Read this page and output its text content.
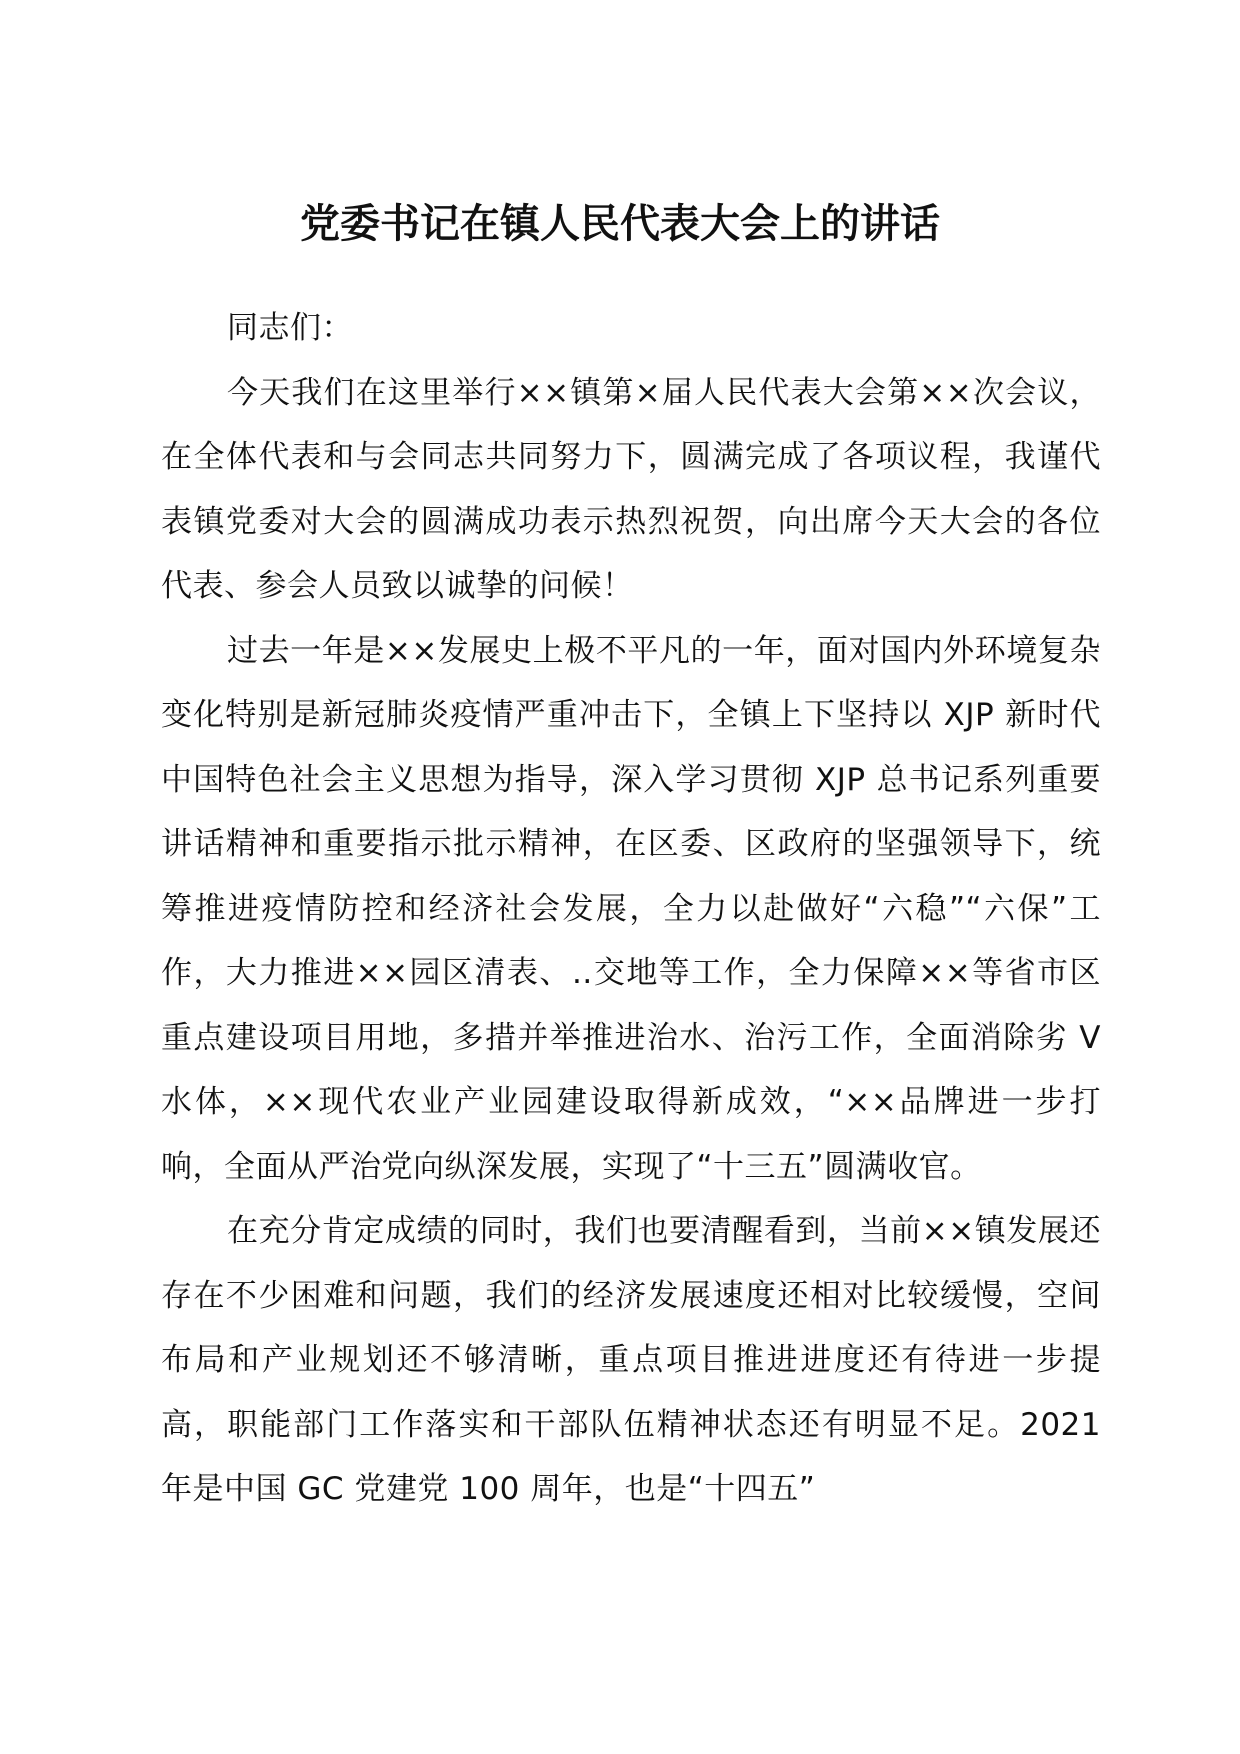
党委书记在镇人民代表大会上的讲话

同志们：

今天我们在这里举行××镇第×届人民代表大会第××次会议，在全体代表和与会同志共同努力下，圆满完成了各项议程，我谨代表镇党委对大会的圆满成功表示热烈祝贺，向出席今天大会的各位代表、参会人员致以诚挚的问候！

过去一年是××发展史上极不平凡的一年，面对国内外环境复杂变化特别是新冠肺炎疫情严重冲击下，全镇上下坚持以 XJP 新时代中国特色社会主义思想为指导，深入学习贯彻 XJP 总书记系列重要讲话精神和重要指示批示精神，在区委、区政府的坚强领导下，统筹推进疫情防控和经济社会发展，全力以赴做好“六稳”“六保”工作，大力推进××园区清表、‥交地等工作，全力保障××等省市区重点建设项目用地，多措并举推进治水、治污工作，全面消除劣 V 水体，××现代农业产业园建设取得新成效，“××品牌进一步打响，全面从严治党向纵深发展，实现了“十三五”圆满收官。

在充分肯定成绩的同时，我们也要清醒看到，当前××镇发展还存在不少困难和问题，我们的经济发展速度还相对比较缓慢，空间布局和产业规划还不够清晰，重点项目推进进度还有待进一步提高，职能部门工作落实和干部队伍精神状态还有明显不足。2021 年是中国 GC 党建党 100 周年，也是“十四五”
